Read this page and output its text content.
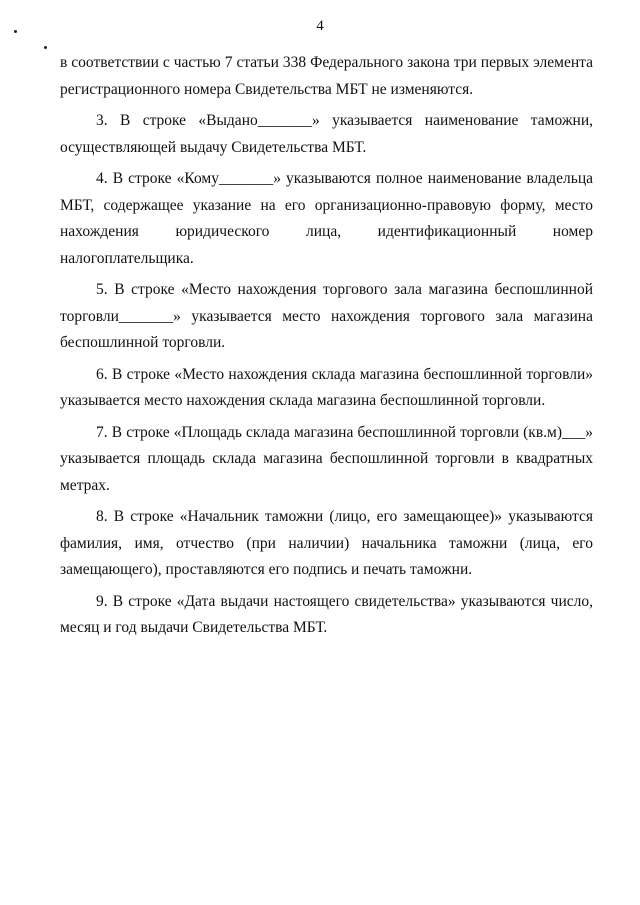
4

в соответствии с частью 7 статьи 338 Федерального закона три первых элемента регистрационного номера Свидетельства МБТ не изменяются.

3. В строке «Выдано_______» указывается наименование таможни, осуществляющей выдачу Свидетельства МБТ.

4. В строке «Кому_______» указываются полное наименование владельца МБТ, содержащее указание на его организационно-правовую форму, место нахождения юридического лица, идентификационный номер налогоплательщика.

5. В строке «Место нахождения торгового зала магазина беспошлинной торговли_______» указывается место нахождения торгового зала магазина беспошлинной торговли.

6. В строке «Место нахождения склада магазина беспошлинной торговли» указывается место нахождения склада магазина беспошлинной торговли.

7. В строке «Площадь склада магазина беспошлинной торговли (кв.м)___» указывается площадь склада магазина беспошлинной торговли в квадратных метрах.

8. В строке «Начальник таможни (лицо, его замещающее)» указываются фамилия, имя, отчество (при наличии) начальника таможни (лица, его замещающего), проставляются его подпись и печать таможни.

9. В строке «Дата выдачи настоящего свидетельства» указываются число, месяц и год выдачи Свидетельства МБТ.
